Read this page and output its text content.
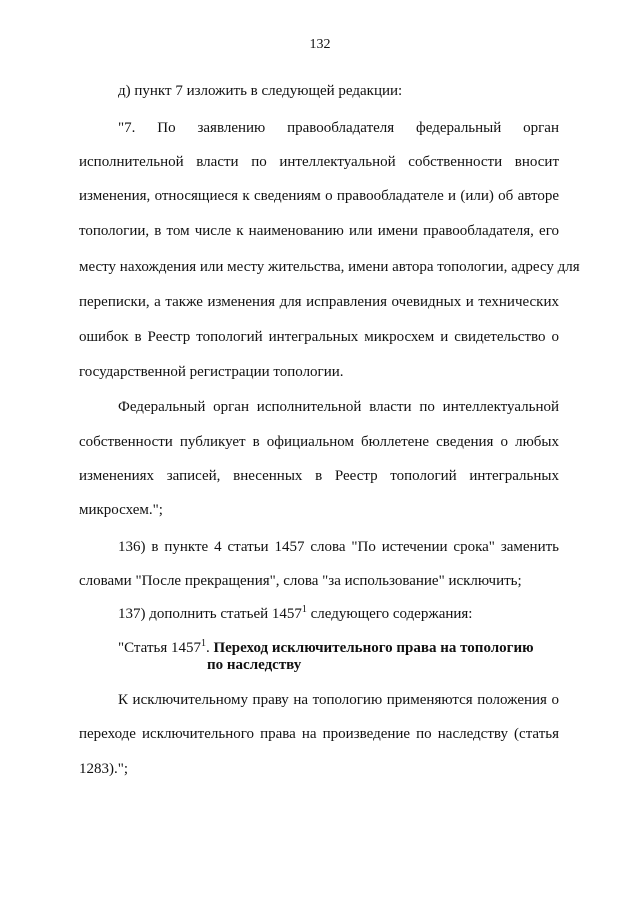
132
д) пункт 7 изложить в следующей редакции:
"7. По заявлению правообладателя федеральный орган
исполнительной власти по интеллектуальной собственности вносит
изменения, относящиеся к сведениям о правообладателе и (или) об авторе
топологии, в том числе к наименованию или имени правообладателя, его
месту нахождения или месту жительства, имени автора топологии, адресу для
переписки, а также изменения для исправления очевидных и технических
ошибок в Реестр топологий интегральных микросхем и свидетельство о
государственной регистрации топологии.
Федеральный орган исполнительной власти по интеллектуальной
собственности публикует в официальном бюллетене сведения о любых
изменениях записей, внесенных в Реестр топологий интегральных
микросхем.";
136) в пункте 4 статьи 1457 слова "По истечении срока" заменить
словами "После прекращения", слова "за использование" исключить;
137) дополнить статьей 1457$^1$ следующего содержания:
"Статья 1457$^1$. Переход исключительного права на топологию
по наследству
К исключительному праву на топологию применяются положения о
переходе исключительного права на произведение по наследству (статья
1283).";
